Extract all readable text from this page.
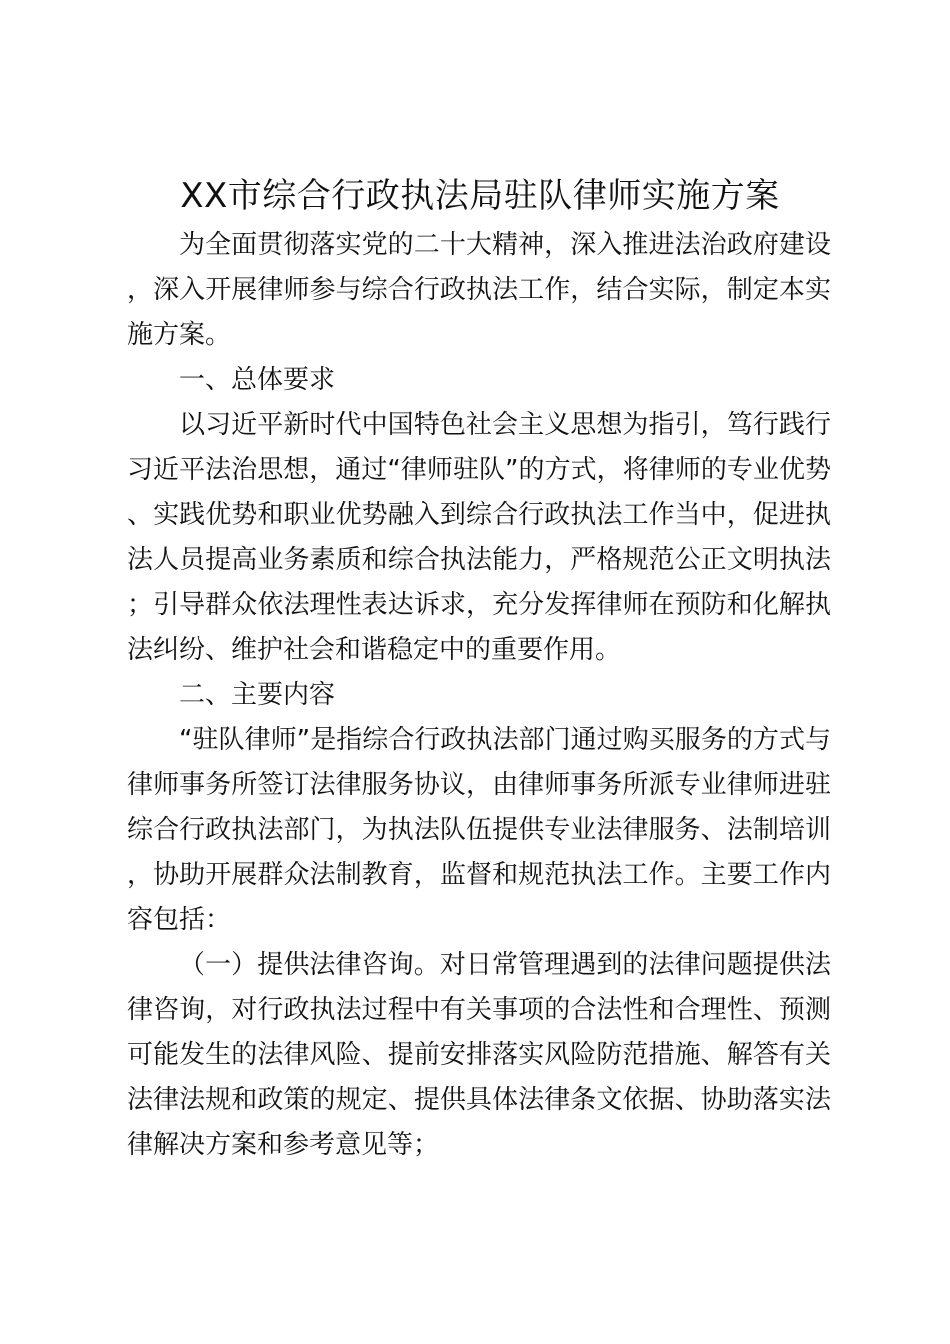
XX市综合行政执法局驻队律师实施方案

为全面贯彻落实党的二十大精神，深入推进法治政府建设，深入开展律师参与综合行政执法工作，结合实际，制定本实施方案。

一、总体要求

以习近平新时代中国特色社会主义思想为指引，笃行践行习近平法治思想，通过“律师驻队”的方式，将律师的专业优势、实践优势和职业优势融入到综合行政执法工作当中，促进执法人员提高业务素质和综合执法能力，严格规范公正文明执法；引导群众依法理性表达诉求，充分发挥律师在预防和化解执法纠纷、维护社会和谐稳定中的重要作用。

二、主要内容

“驻队律师”是指综合行政执法部门通过购买服务的方式与律师事务所签订法律服务协议，由律师事务所派专业律师进驻综合行政执法部门，为执法队伍提供专业法律服务、法制培训，协助开展群众法制教育，监督和规范执法工作。主要工作内容包括：

（一）提供法律咨询。对日常管理遇到的法律问题提供法律咨询，对行政执法过程中有关事项的合法性和合理性、预测可能发生的法律风险、提前安排落实风险防范措施、解答有关法律法规和政策的规定、提供具体法律条文依据、协助落实法律解决方案和参考意见等；
